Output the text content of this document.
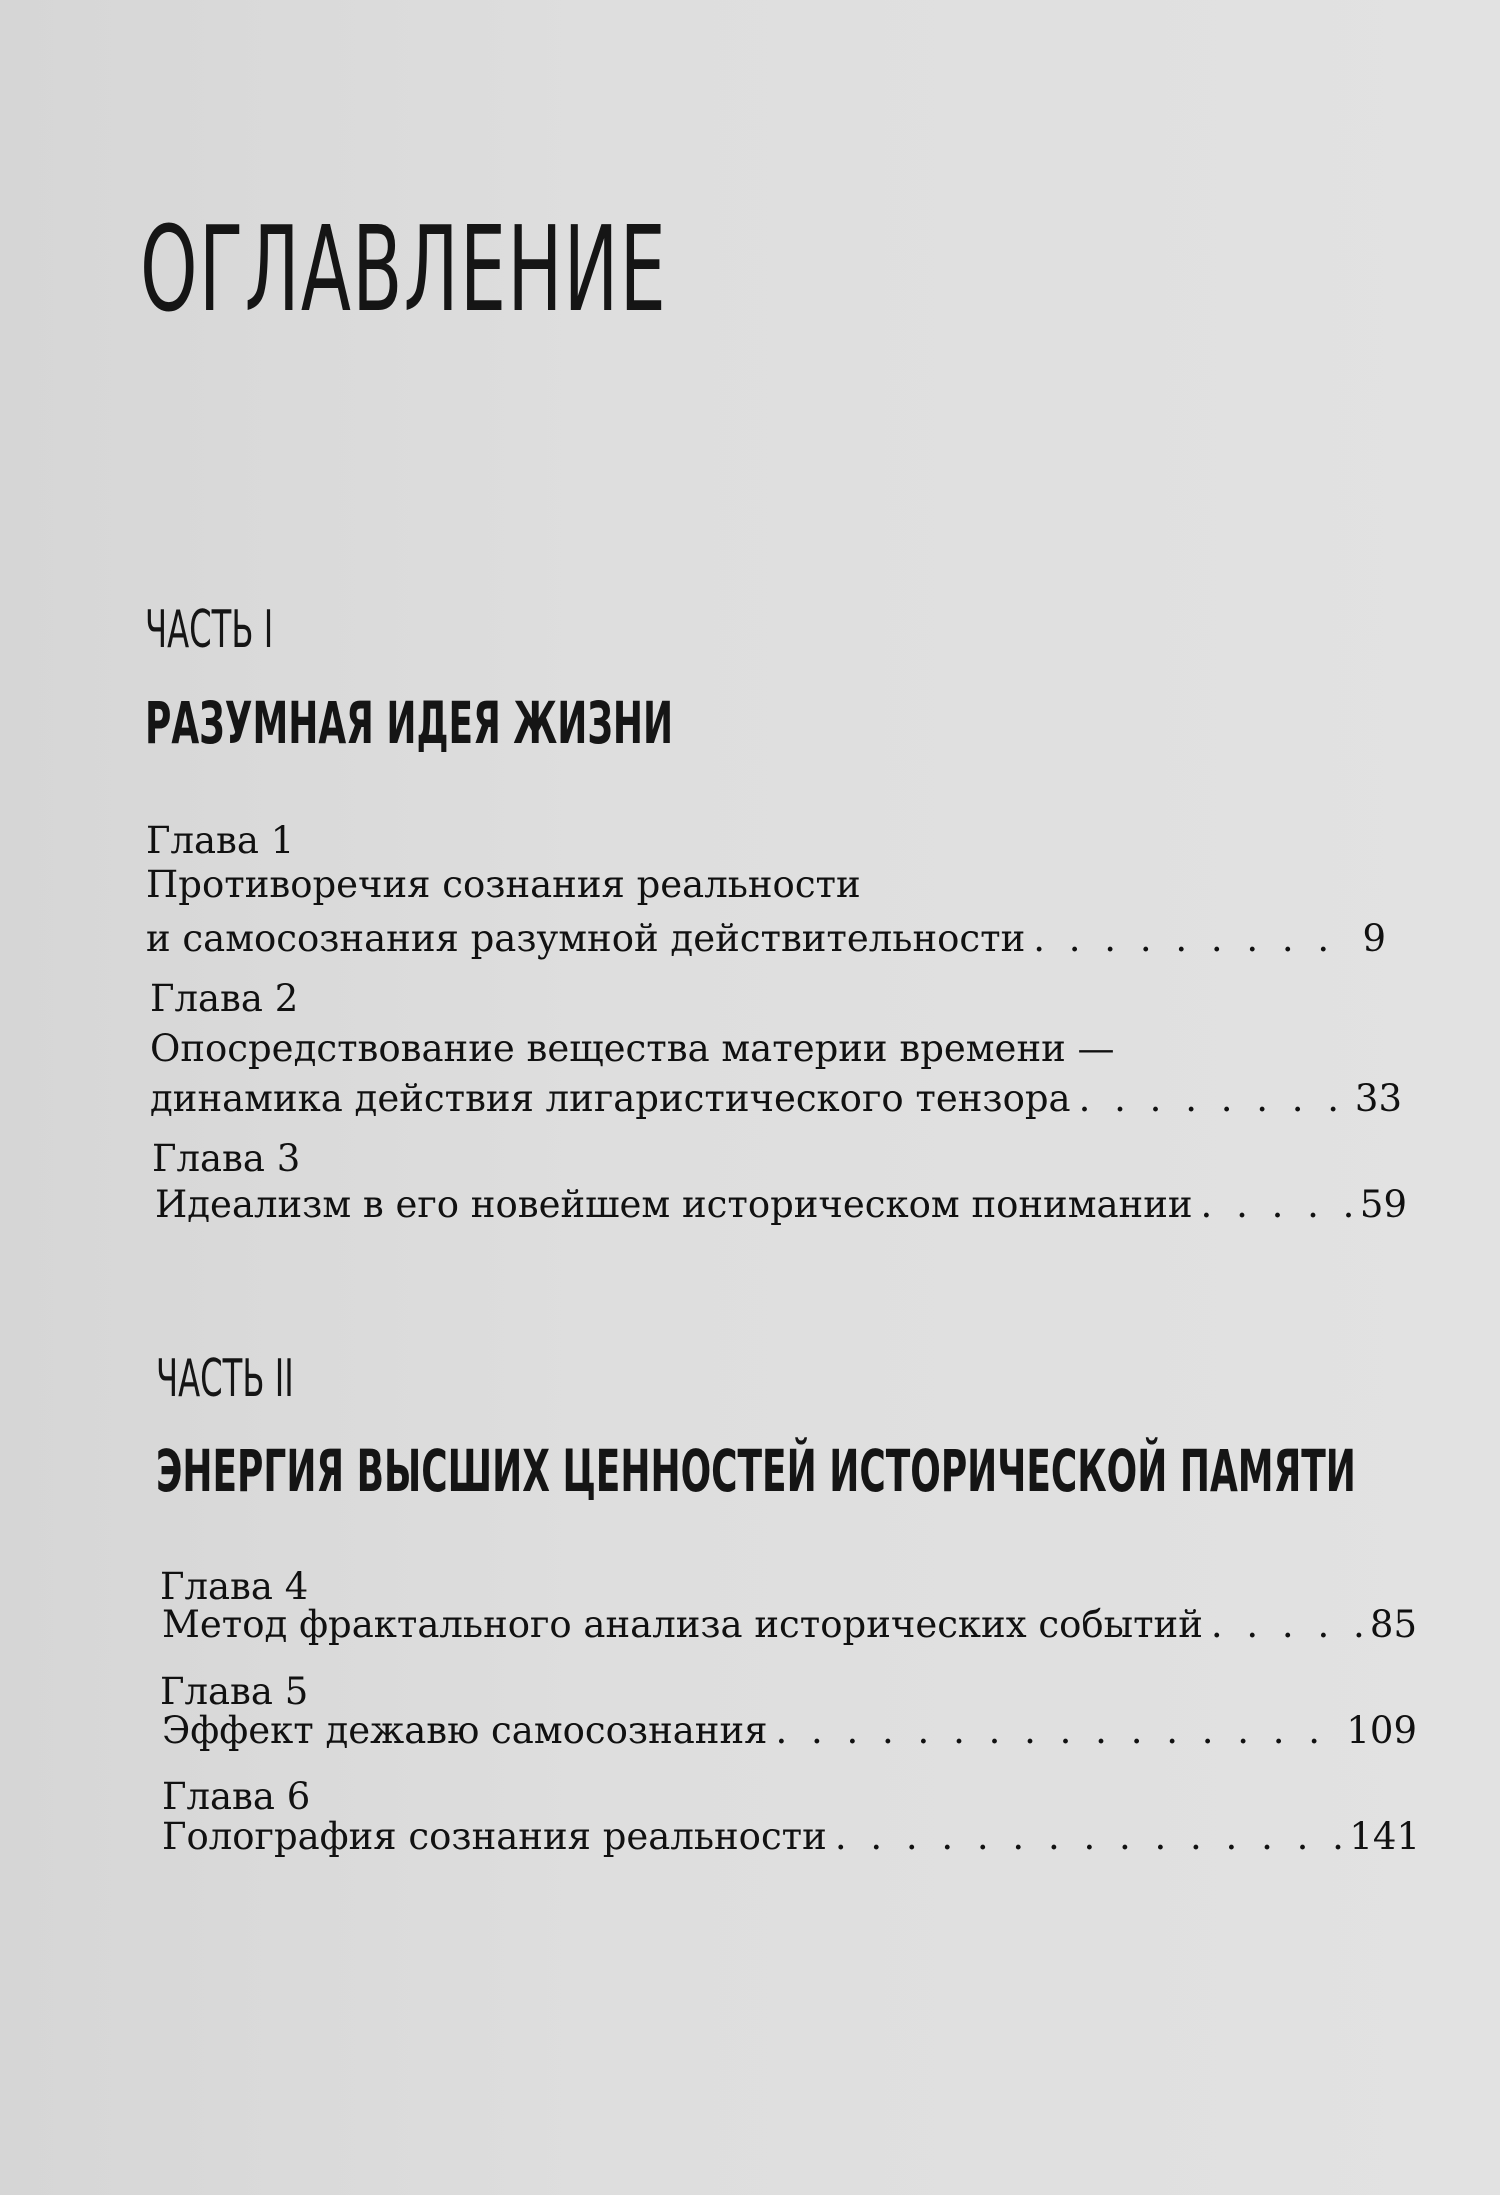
ОГЛАВЛЕНИЕ
ЧАСТЬ I
РАЗУМНАЯ ИДЕЯ ЖИЗНИ
Глава 1
Противоречия сознания реальности
и самосознания разумной действительности . . .	9
Глава 2
Опосредствование вещества материи времени —
динамика действия лигаристического тензора . . .	33
Глава 3
Идеализм в его новейшем историческом понимании . . .	59
ЧАСТЬ II
ЭНЕРГИЯ ВЫСШИХ ЦЕННОСТЕЙ ИСТОРИЧЕСКОЙ ПАМЯТИ
Глава 4
Метод фрактального анализа исторических событий . . .	85
Глава 5
Эффект дежавю самосознания . . .	109
Глава 6
Голография сознания реальности . . .	141
